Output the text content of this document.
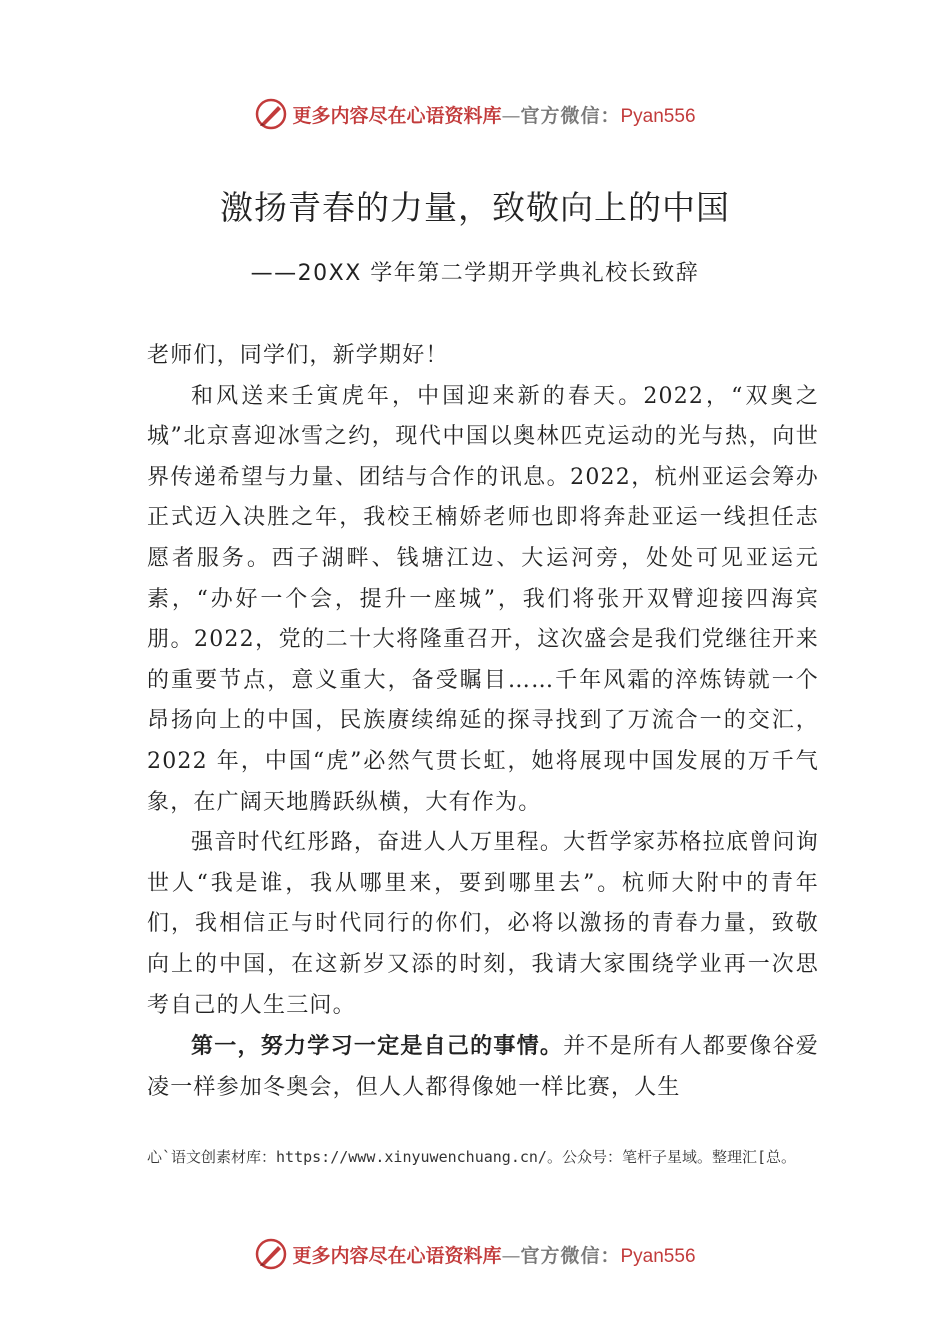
更多内容尽在心语资料库 — 官方微信： Pyan556
激扬青春的力量，致敬向上的中国
——20XX 学年第二学期开学典礼校长致辞

老师们，同学们，新学期好！

和风送来壬寅虎年，中国迎来新的春天。2022，“双奥之城”北京喜迎冰雪之约，现代中国以奥林匹克运动的光与热，向世界传递希望与力量、团结与合作的讯息。2022，杭州亚运会筹办正式迈入决胜之年，我校王楠娇老师也即将奔赴亚运一线担任志愿者服务。西子湖畔、钱塘江边、大运河旁，处处可见亚运元素，“办好一个会，提升一座城”，我们将张开双臂迎接四海宾朋。2022，党的二十大将隆重召开，这次盛会是我们党继往开来的重要节点，意义重大，备受瞩目……千年风霜的淬炼铸就一个昂扬向上的中国，民族赓续绵延的探寻找到了万流合一的交汇，2022 年，中国“虎”必然气贯长虹，她将展现中国发展的万千气象，在广阔天地腾跃纵横，大有作为。

强音时代红彤路，奋进人人万里程。大哲学家苏格拉底曾问询世人“我是谁，我从哪里来，要到哪里去”。杭师大附中的青年们，我相信正与时代同行的你们，必将以激扬的青春力量，致敬向上的中国，在这新岁又添的时刻，我请大家围绕学业再一次思考自己的人生三问。

第一，努力学习一定是自己的事情。并不是所有人都要像谷爱凌一样参加冬奥会，但人人都得像她一样比赛，人生

心`语文创素材库：https://www.xinyuwenchuang.cn/。公众号：笔杆子星域。整理汇[总。
更多内容尽在心语资料库 — 官方微信： Pyan556
